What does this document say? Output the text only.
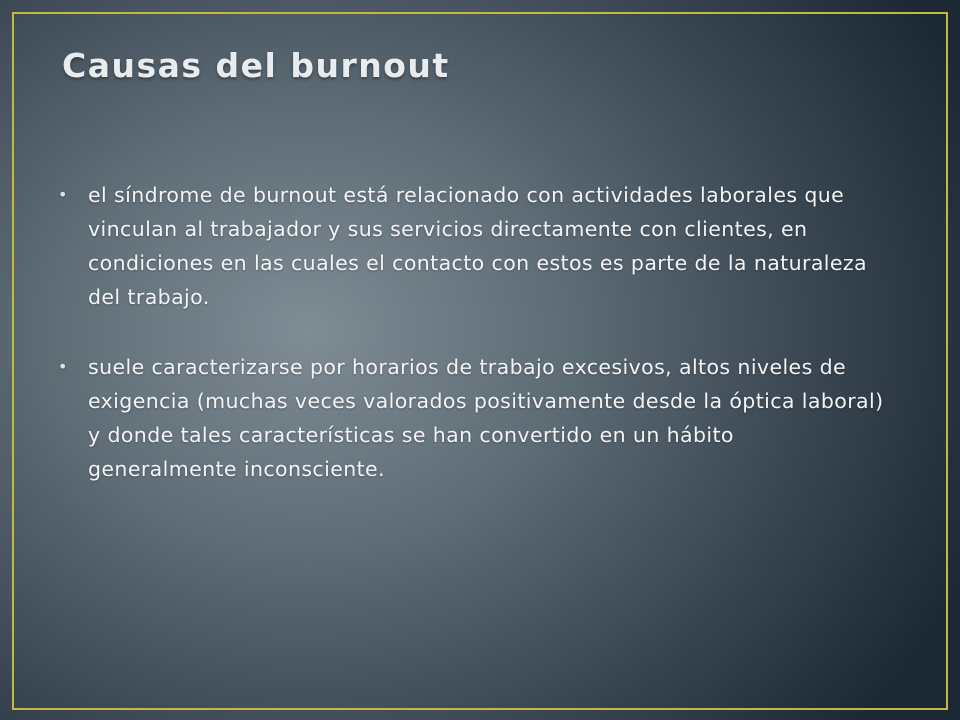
Causas del burnout
• el síndrome de burnout está relacionado con actividades laborales que vinculan al trabajador y sus servicios directamente con clientes, en condiciones en las cuales el contacto con estos es parte de la naturaleza del trabajo.
• suele caracterizarse por horarios de trabajo excesivos, altos niveles de exigencia (muchas veces valorados positivamente desde la óptica laboral) y donde tales características se han convertido en un hábito generalmente inconsciente.
